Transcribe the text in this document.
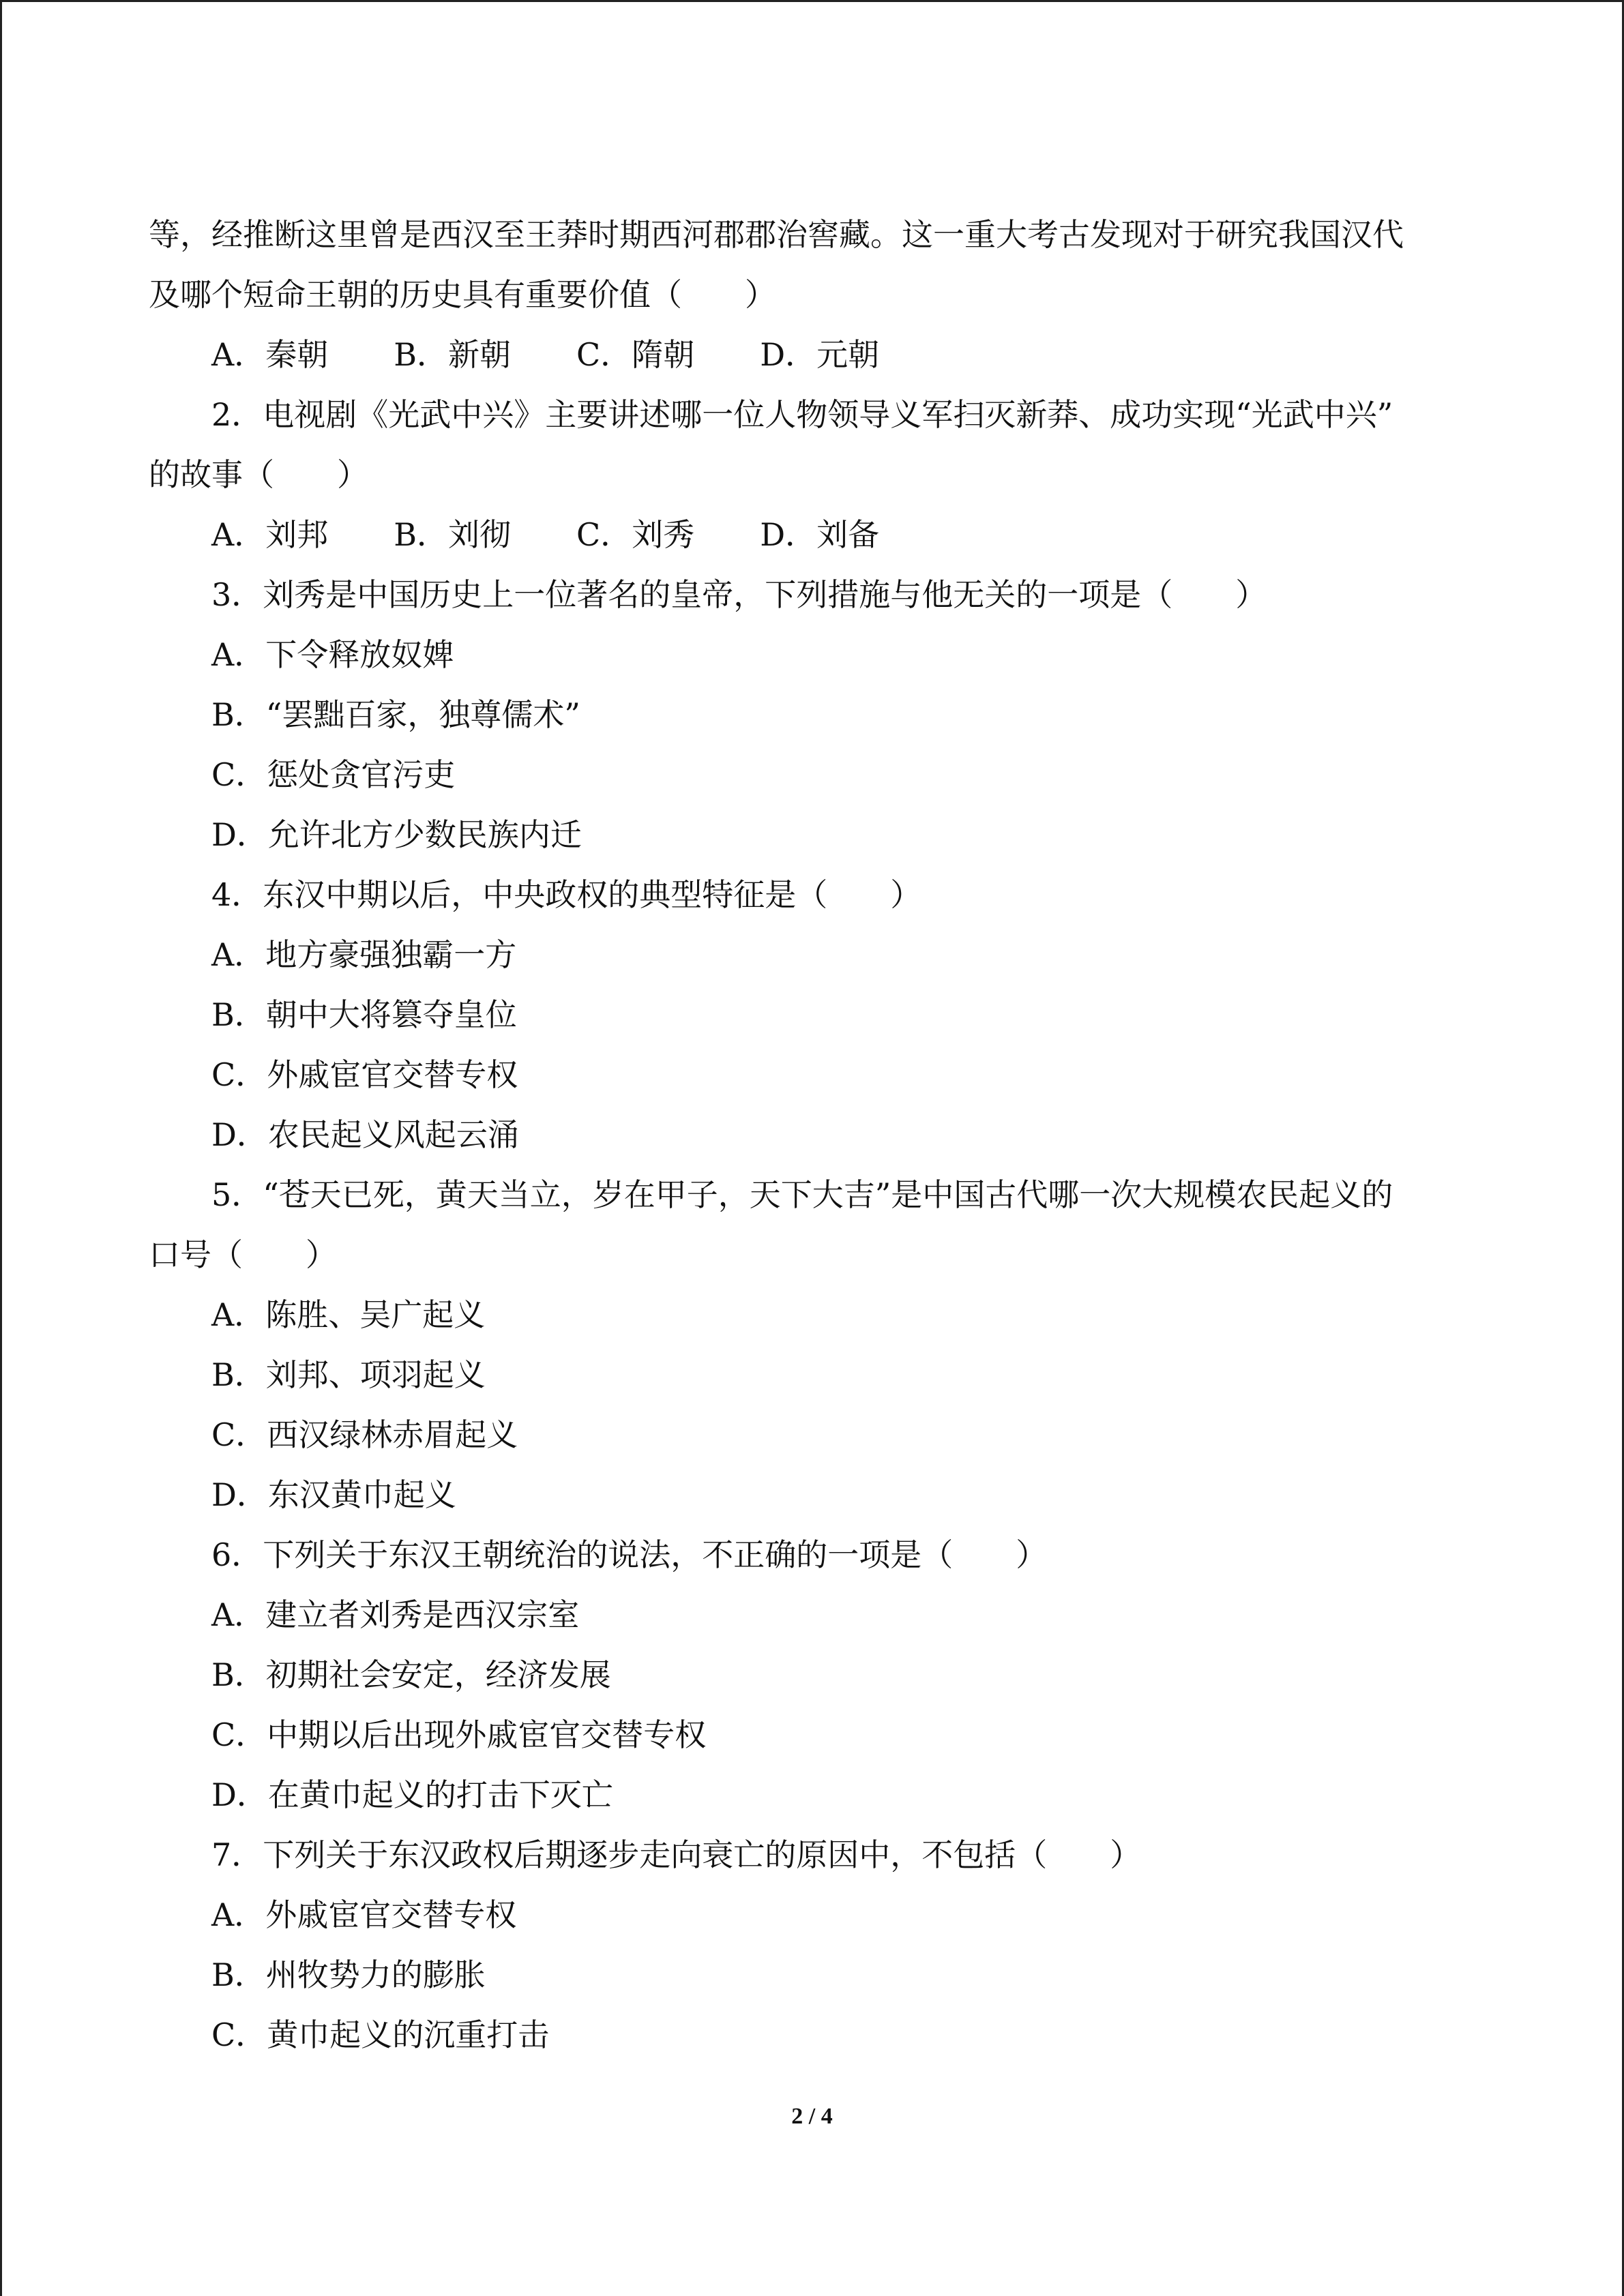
等，经推断这里曾是西汉至王莽时期西河郡郡治窖藏。这一重大考古发现对于研究我国汉代
及哪个短命王朝的历史具有重要价值（　　）
A．秦朝 B．新朝 C．隋朝 D．元朝
2．电视剧《光武中兴》主要讲述哪一位人物领导义军扫灭新莽、成功实现“光武中兴”
的故事（　　）
A．刘邦 B．刘彻 C．刘秀 D．刘备
3．刘秀是中国历史上一位著名的皇帝，下列措施与他无关的一项是（　　）
A．下令释放奴婢
B．“罢黜百家，独尊儒术”
C．惩处贪官污吏
D．允许北方少数民族内迁
4．东汉中期以后，中央政权的典型特征是（　　）
A．地方豪强独霸一方
B．朝中大将篡夺皇位
C．外戚宦官交替专权
D．农民起义风起云涌
5．“苍天已死，黄天当立，岁在甲子，天下大吉”是中国古代哪一次大规模农民起义的
口号（　　）
A．陈胜、吴广起义
B．刘邦、项羽起义
C．西汉绿林赤眉起义
D．东汉黄巾起义
6．下列关于东汉王朝统治的说法，不正确的一项是（　　）
A．建立者刘秀是西汉宗室
B．初期社会安定，经济发展
C．中期以后出现外戚宦官交替专权
D．在黄巾起义的打击下灭亡
7．下列关于东汉政权后期逐步走向衰亡的原因中，不包括（　　）
A．外戚宦官交替专权
B．州牧势力的膨胀
C．黄巾起义的沉重打击
2 / 4
